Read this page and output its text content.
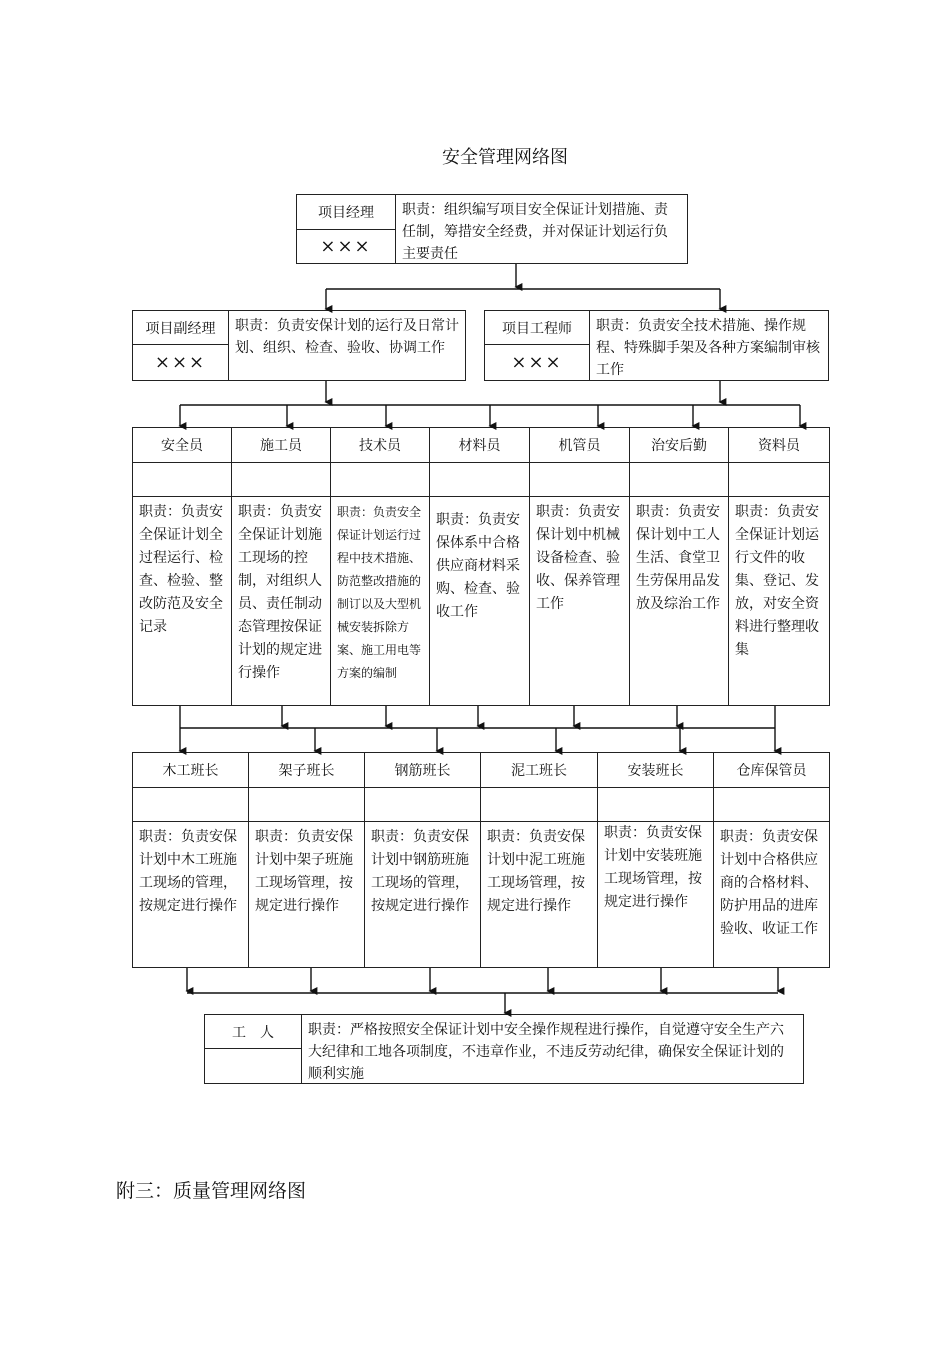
安全管理网络图
项目经理
×××
职责：组织编写项目安全保证计划措施、责任制，筹措安全经费，并对保证计划运行负主要责任
项目副经理
×××
职责：负责安保计划的运行及日常计划、组织、检查、验收、协调工作
项目工程师
×××
职责：负责安全技术措施、操作规程、特殊脚手架及各种方案编制审核工作
安全员
职责：负责安全保证计划全过程运行、检查、检验、整改防范及安全记录
施工员
职责：负责安全保证计划施工现场的控制，对组织人员、责任制动态管理按保证计划的规定进行操作
技术员
职责：负责安全保证计划运行过程中技术措施、防范整改措施的制订以及大型机械安装拆除方案、施工用电等方案的编制
材料员
职责：负责安保体系中合格供应商材料采购、检查、验收工作
机管员
职责：负责安保计划中机械设备检查、验收、保养管理工作
治安后勤
职责：负责安保计划中工人生活、食堂卫生劳保用品发放及综治工作
资料员
职责：负责安全保证计划运行文件的收集、登记、发放，对安全资料进行整理收集
木工班长
职责：负责安保计划中木工班施工现场的管理，按规定进行操作
架子班长
职责：负责安保计划中架子班施工现场管理，按规定进行操作
钢筋班长
职责：负责安保计划中钢筋班施工现场的管理，按规定进行操作
泥工班长
职责：负责安保计划中泥工班施工现场管理，按规定进行操作
安装班长
职责：负责安保计划中安装班施工现场管理，按规定进行操作
仓库保管员
职责：负责安保计划中合格供应商的合格材料、防护用品的进库验收、收证工作
工　人	职责：严格按照安全保证计划中安全操作规程进行操作，自觉遵守安全生产六大纪律和工地各项制度，不违章作业，不违反劳动纪律，确保安全保证计划的顺利实施
附三：质量管理网络图
